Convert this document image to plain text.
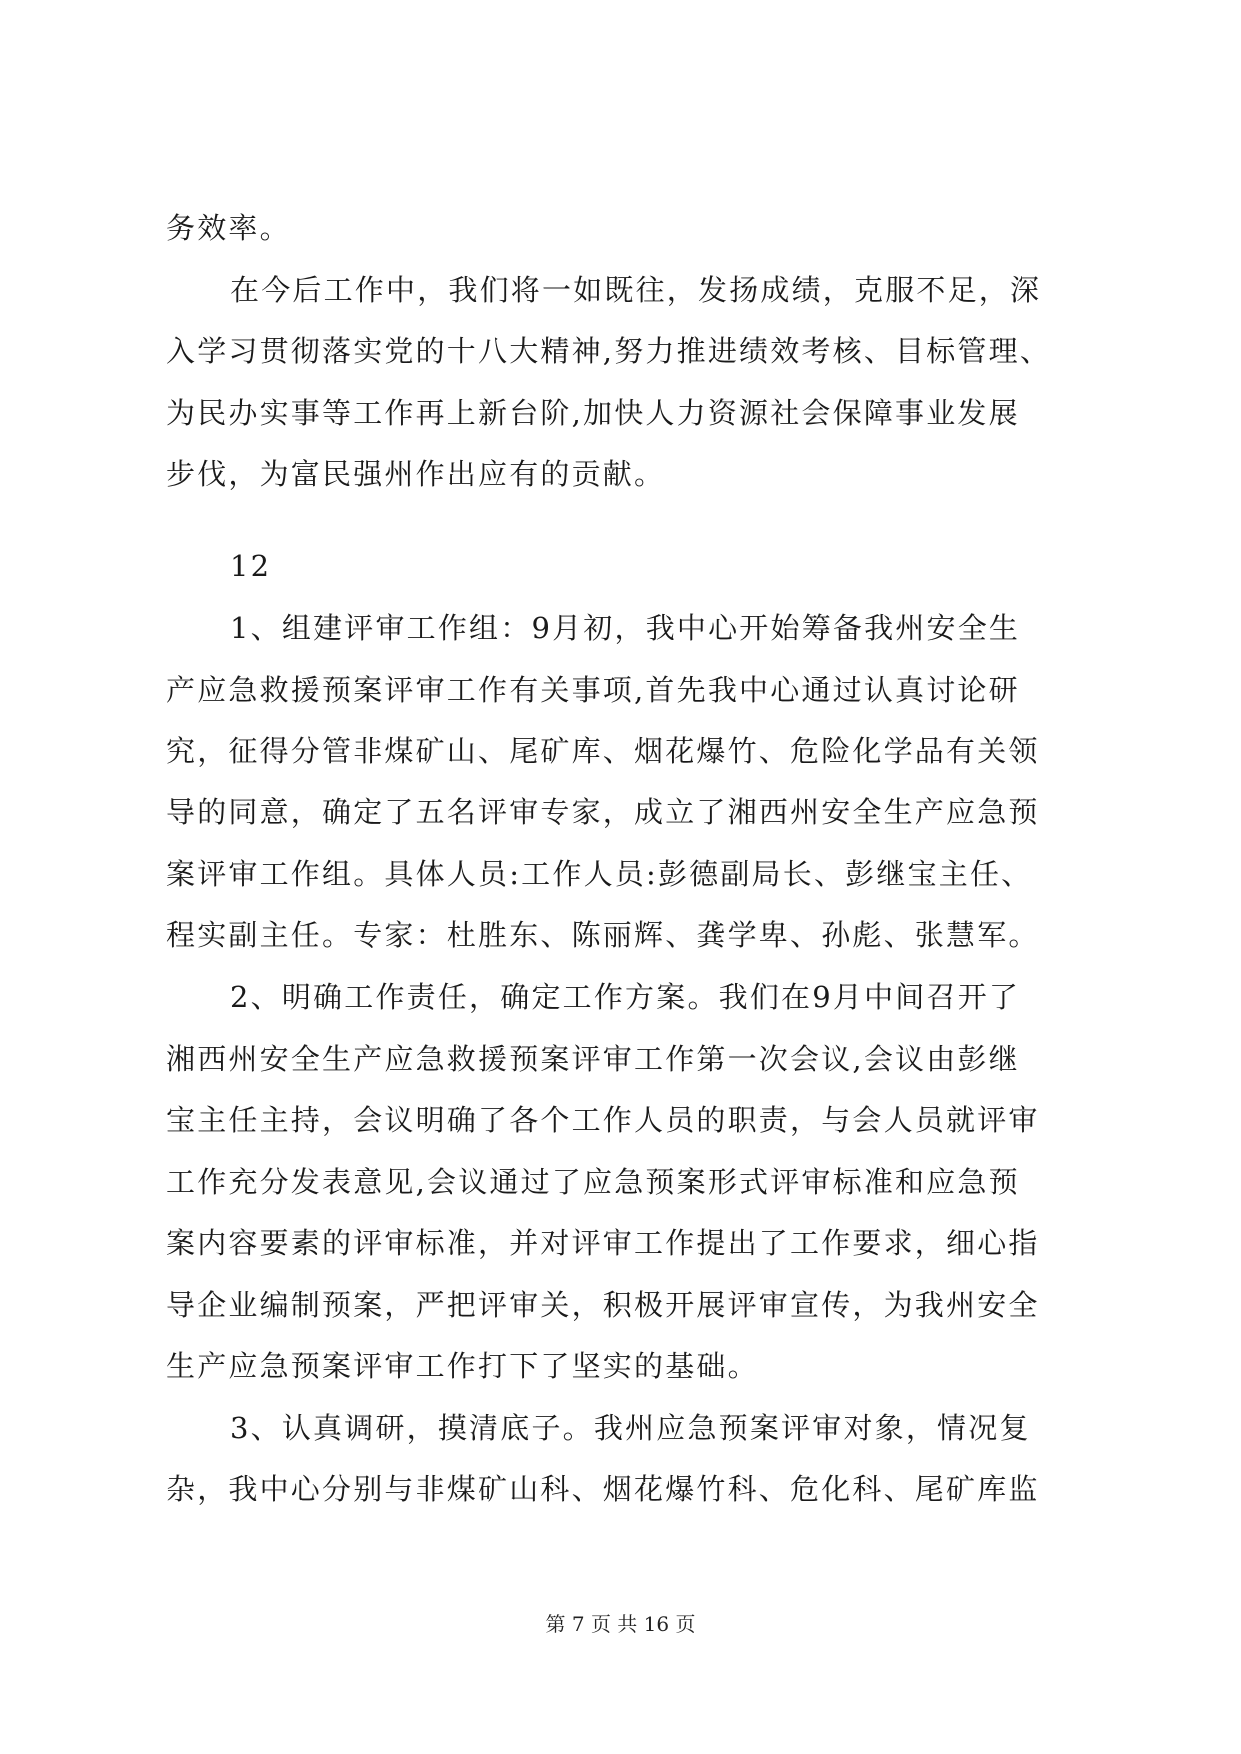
务效率。
在今后工作中，我们将一如既往，发扬成绩，克服不足，深
入学习贯彻落实党的十八大精神,努力推进绩效考核、目标管理、
为民办实事等工作再上新台阶,加快人力资源社会保障事业发展
步伐，为富民强州作出应有的贡献。
12
1、组建评审工作组：9月初，我中心开始筹备我州安全生
产应急救援预案评审工作有关事项,首先我中心通过认真讨论研
究，征得分管非煤矿山、尾矿库、烟花爆竹、危险化学品有关领
导的同意，确定了五名评审专家，成立了湘西州安全生产应急预
案评审工作组。具体人员:工作人员:彭德副局长、彭继宝主任、
程实副主任。专家：杜胜东、陈丽辉、龚学卑、孙彪、张慧军。
2、明确工作责任，确定工作方案。我们在9月中间召开了
湘西州安全生产应急救援预案评审工作第一次会议,会议由彭继
宝主任主持，会议明确了各个工作人员的职责，与会人员就评审
工作充分发表意见,会议通过了应急预案形式评审标准和应急预
案内容要素的评审标准，并对评审工作提出了工作要求，细心指
导企业编制预案，严把评审关，积极开展评审宣传，为我州安全
生产应急预案评审工作打下了坚实的基础。
3、认真调研，摸清底子。我州应急预案评审对象，情况复
杂，我中心分别与非煤矿山科、烟花爆竹科、危化科、尾矿库监
第 7 页 共 16 页
